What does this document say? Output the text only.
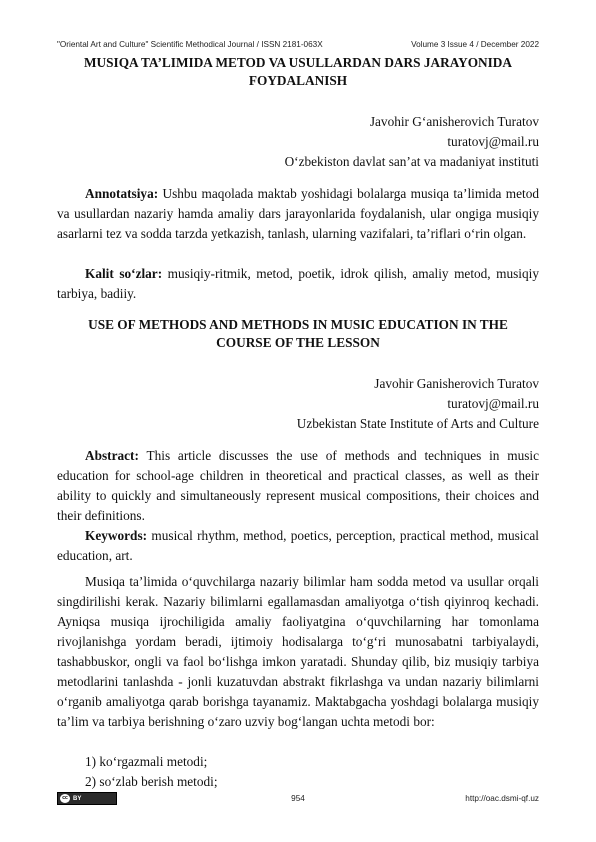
"Oriental Art and Culture" Scientific Methodical Journal / ISSN 2181-063X	Volume 3 Issue 4 / December 2022
MUSIQA TA’LIMIDA METOD VA USULLARDAN DARS JARAYONIDA
FOYDALANISH
Javohir G‘anisherovich Turatov
turatovj@mail.ru
O‘zbekiston davlat san’at va madaniyat instituti

Annotatsiya: Ushbu maqolada maktab yoshidagi bolalarga musiqa ta’limida metod va usullardan nazariy hamda amaliy dars jarayonlarida foydalanish, ular ongiga musiqiy asarlarni tez va sodda tarzda yetkazish, tanlash, ularning vazifalari, ta’riflari o‘rin olgan.

Kalit so‘zlar: musiqiy-ritmik, metod, poetik, idrok qilish, amaliy metod, musiqiy tarbiya, badiiy.

USE OF METHODS AND METHODS IN MUSIC EDUCATION IN THE
COURSE OF THE LESSON
Javohir Ganisherovich Turatov
turatovj@mail.ru
Uzbekistan State Institute of Arts and Culture

Abstract: This article discusses the use of methods and techniques in music education for school-age children in theoretical and practical classes, as well as their ability to quickly and simultaneously represent musical compositions, their choices and their definitions.

Keywords: musical rhythm, method, poetics, perception, practical method, musical education, art.

Musiqa ta’limida o‘quvchilarga nazariy bilimlar ham sodda metod va usullar orqali singdirilishi kerak. Nazariy bilimlarni egallamasdan amaliyotga o‘tish qiyinroq kechadi. Ayniqsa musiqa ijrochiligida amaliy faoliyatgina o‘quvchilarning har tomonlama rivojlanishga yordam beradi, ijtimoiy hodisalarga to‘g‘ri munosabatni tarbiyalaydi, tashabbuskor, ongli va faol bo‘lishga imkon yaratadi. Shunday qilib, biz musiqiy tarbiya metodlarini tanlashda - jonli kuzatuvdan abstrakt fikrlashga va undan nazariy bilimlarni o‘rganib amaliyotga qarab borishga tayanamiz. Maktabgacha yoshdagi bolalarga musiqiy ta’lim va tarbiya berishning o‘zaro uzviy bog‘langan uchta metodi bor:

1) ko‘rgazmali metodi;
2) so‘zlab berish metodi;
cc BY	954	http://oac.dsmi-qf.uz
